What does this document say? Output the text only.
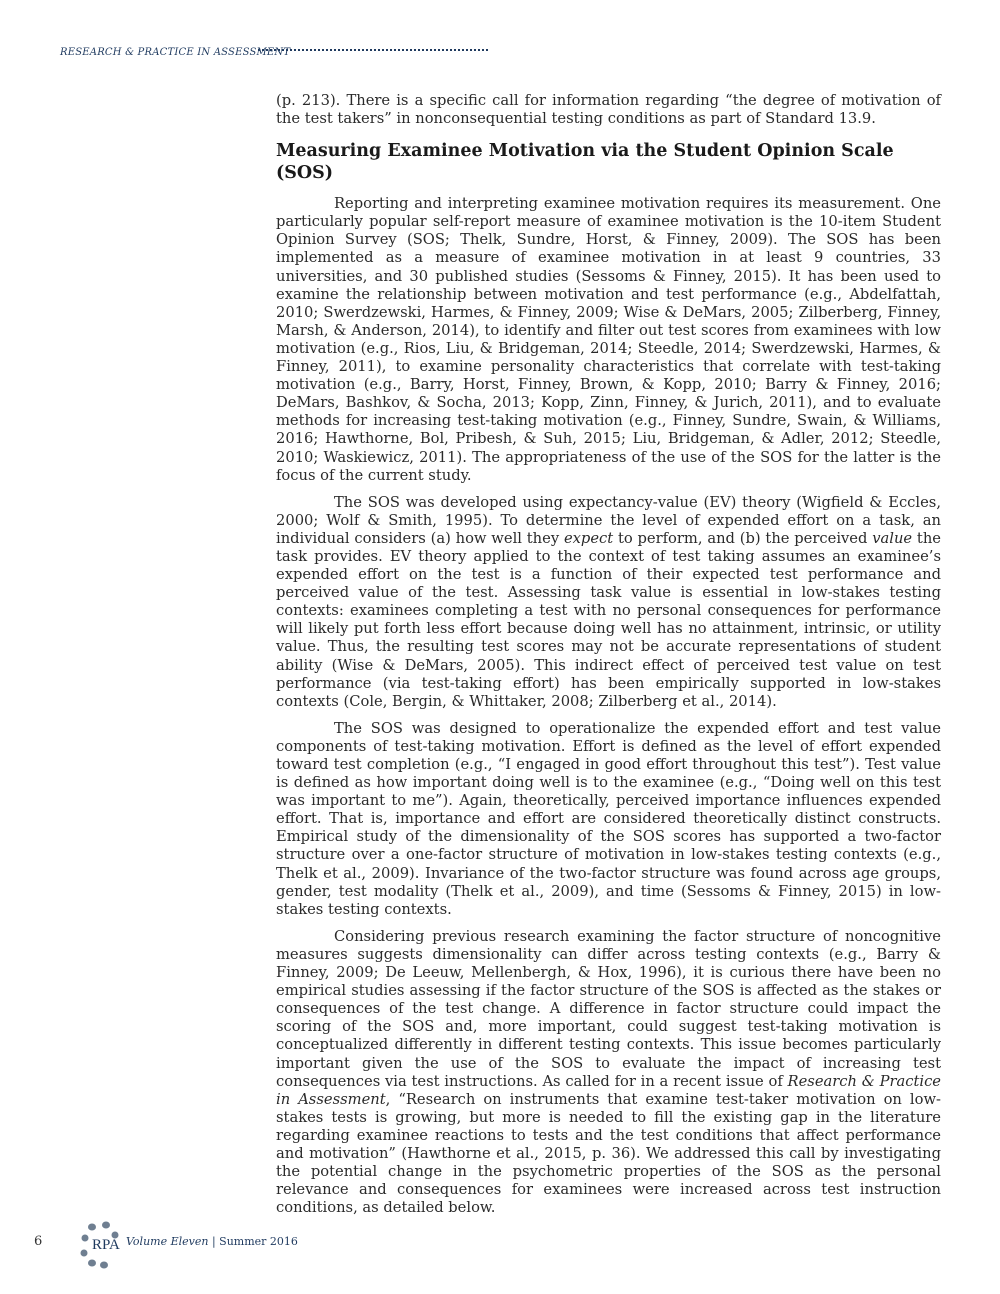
RESEARCH & PRACTICE IN ASSESSMENT

(p. 213). There is a specific call for information regarding “the degree of motivation of the test takers” in nonconsequential testing conditions as part of Standard 13.9.

Measuring Examinee Motivation via the Student Opinion Scale (SOS)

Reporting and interpreting examinee motivation requires its measurement. One particularly popular self-report measure of examinee motivation is the 10-item Student Opinion Survey (SOS; Thelk, Sundre, Horst, & Finney, 2009). The SOS has been implemented as a measure of examinee motivation in at least 9 countries, 33 universities, and 30 published studies (Sessoms & Finney, 2015). It has been used to examine the relationship between motivation and test performance (e.g., Abdelfattah, 2010; Swerdzewski, Harmes, & Finney, 2009; Wise & DeMars, 2005; Zilberberg, Finney, Marsh, & Anderson, 2014), to identify and filter out test scores from examinees with low motivation (e.g., Rios, Liu, & Bridgeman, 2014; Steedle, 2014; Swerdzewski, Harmes, & Finney, 2011), to examine personality characteristics that correlate with test-taking motivation (e.g., Barry, Horst, Finney, Brown, & Kopp, 2010; Barry & Finney, 2016; DeMars, Bashkov, & Socha, 2013; Kopp, Zinn, Finney, & Jurich, 2011), and to evaluate methods for increasing test-taking motivation (e.g., Finney, Sundre, Swain, & Williams, 2016; Hawthorne, Bol, Pribesh, & Suh, 2015; Liu, Bridgeman, & Adler, 2012; Steedle, 2010; Waskiewicz, 2011). The appropriateness of the use of the SOS for the latter is the focus of the current study.

The SOS was developed using expectancy-value (EV) theory (Wigfield & Eccles, 2000; Wolf & Smith, 1995). To determine the level of expended effort on a task, an individual considers (a) how well they expect to perform, and (b) the perceived value the task provides. EV theory applied to the context of test taking assumes an examinee’s expended effort on the test is a function of their expected test performance and perceived value of the test. Assessing task value is essential in low-stakes testing contexts: examinees completing a test with no personal consequences for performance will likely put forth less effort because doing well has no attainment, intrinsic, or utility value. Thus, the resulting test scores may not be accurate representations of student ability (Wise & DeMars, 2005). This indirect effect of perceived test value on test performance (via test-taking effort) has been empirically supported in low-stakes contexts (Cole, Bergin, & Whittaker, 2008; Zilberberg et al., 2014).

The SOS was designed to operationalize the expended effort and test value components of test-taking motivation. Effort is defined as the level of effort expended toward test completion (e.g., “I engaged in good effort throughout this test”). Test value is defined as how important doing well is to the examinee (e.g., “Doing well on this test was important to me”). Again, theoretically, perceived importance influences expended effort. That is, importance and effort are considered theoretically distinct constructs. Empirical study of the dimensionality of the SOS scores has supported a two-factor structure over a one-factor structure of motivation in low-stakes testing contexts (e.g., Thelk et al., 2009). Invariance of the two-factor structure was found across age groups, gender, test modality (Thelk et al., 2009), and time (Sessoms & Finney, 2015) in low-stakes testing contexts.

Considering previous research examining the factor structure of noncognitive measures suggests dimensionality can differ across testing contexts (e.g., Barry & Finney, 2009; De Leeuw, Mellenbergh, & Hox, 1996), it is curious there have been no empirical studies assessing if the factor structure of the SOS is affected as the stakes or consequences of the test change. A difference in factor structure could impact the scoring of the SOS and, more important, could suggest test-taking motivation is conceptualized differently in different testing contexts. This issue becomes particularly important given the use of the SOS to evaluate the impact of increasing test consequences via test instructions. As called for in a recent issue of Research & Practice in Assessment, “Research on instruments that examine test-taker motivation on low-stakes tests is growing, but more is needed to fill the existing gap in the literature regarding examinee reactions to tests and the test conditions that affect performance and motivation” (Hawthorne et al., 2015, p. 36). We addressed this call by investigating the potential change in the psychometric properties of the SOS as the personal relevance and consequences for examinees were increased across test instruction conditions, as detailed below.

6	RPA Volume Eleven | Summer 2016
